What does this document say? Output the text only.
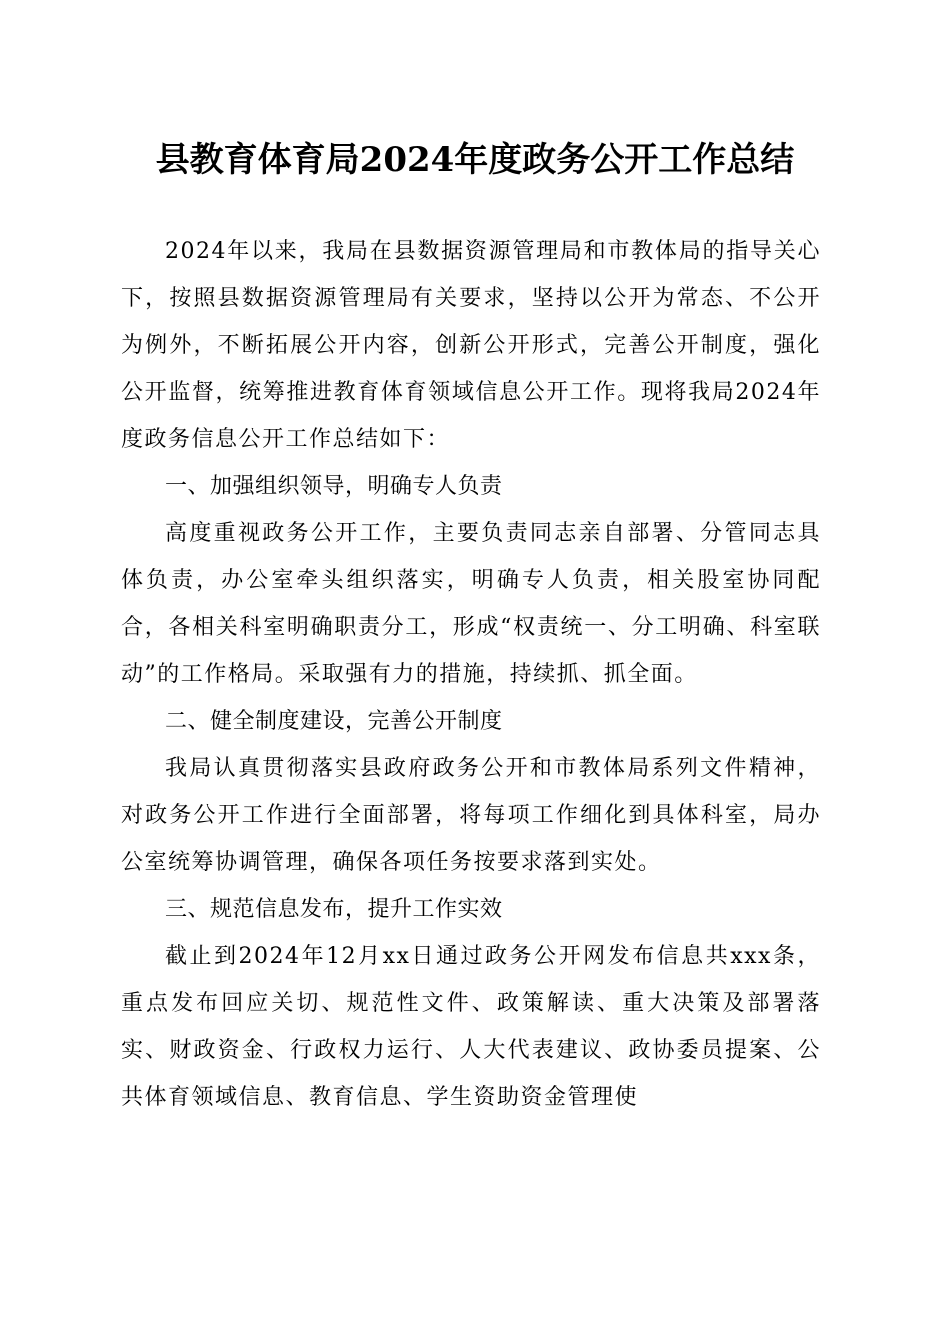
县教育体育局2024年度政务公开工作总结

2024年以来，我局在县数据资源管理局和市教体局的指导关心下，按照县数据资源管理局有关要求，坚持以公开为常态、不公开为例外，不断拓展公开内容，创新公开形式，完善公开制度，强化公开监督，统筹推进教育体育领域信息公开工作。现将我局2024年度政务信息公开工作总结如下：

一、加强组织领导，明确专人负责

高度重视政务公开工作，主要负责同志亲自部署、分管同志具体负责，办公室牵头组织落实，明确专人负责，相关股室协同配合，各相关科室明确职责分工，形成“权责统一、分工明确、科室联动”的工作格局。采取强有力的措施，持续抓、抓全面。

二、健全制度建设，完善公开制度

我局认真贯彻落实县政府政务公开和市教体局系列文件精神，对政务公开工作进行全面部署，将每项工作细化到具体科室，局办公室统筹协调管理，确保各项任务按要求落到实处。

三、规范信息发布，提升工作实效

截止到2024年12月xx日通过政务公开网发布信息共xxx条，重点发布回应关切、规范性文件、政策解读、重大决策及部署落实、财政资金、行政权力运行、人大代表建议、政协委员提案、公共体育领域信息、教育信息、学生资助资金管理使
